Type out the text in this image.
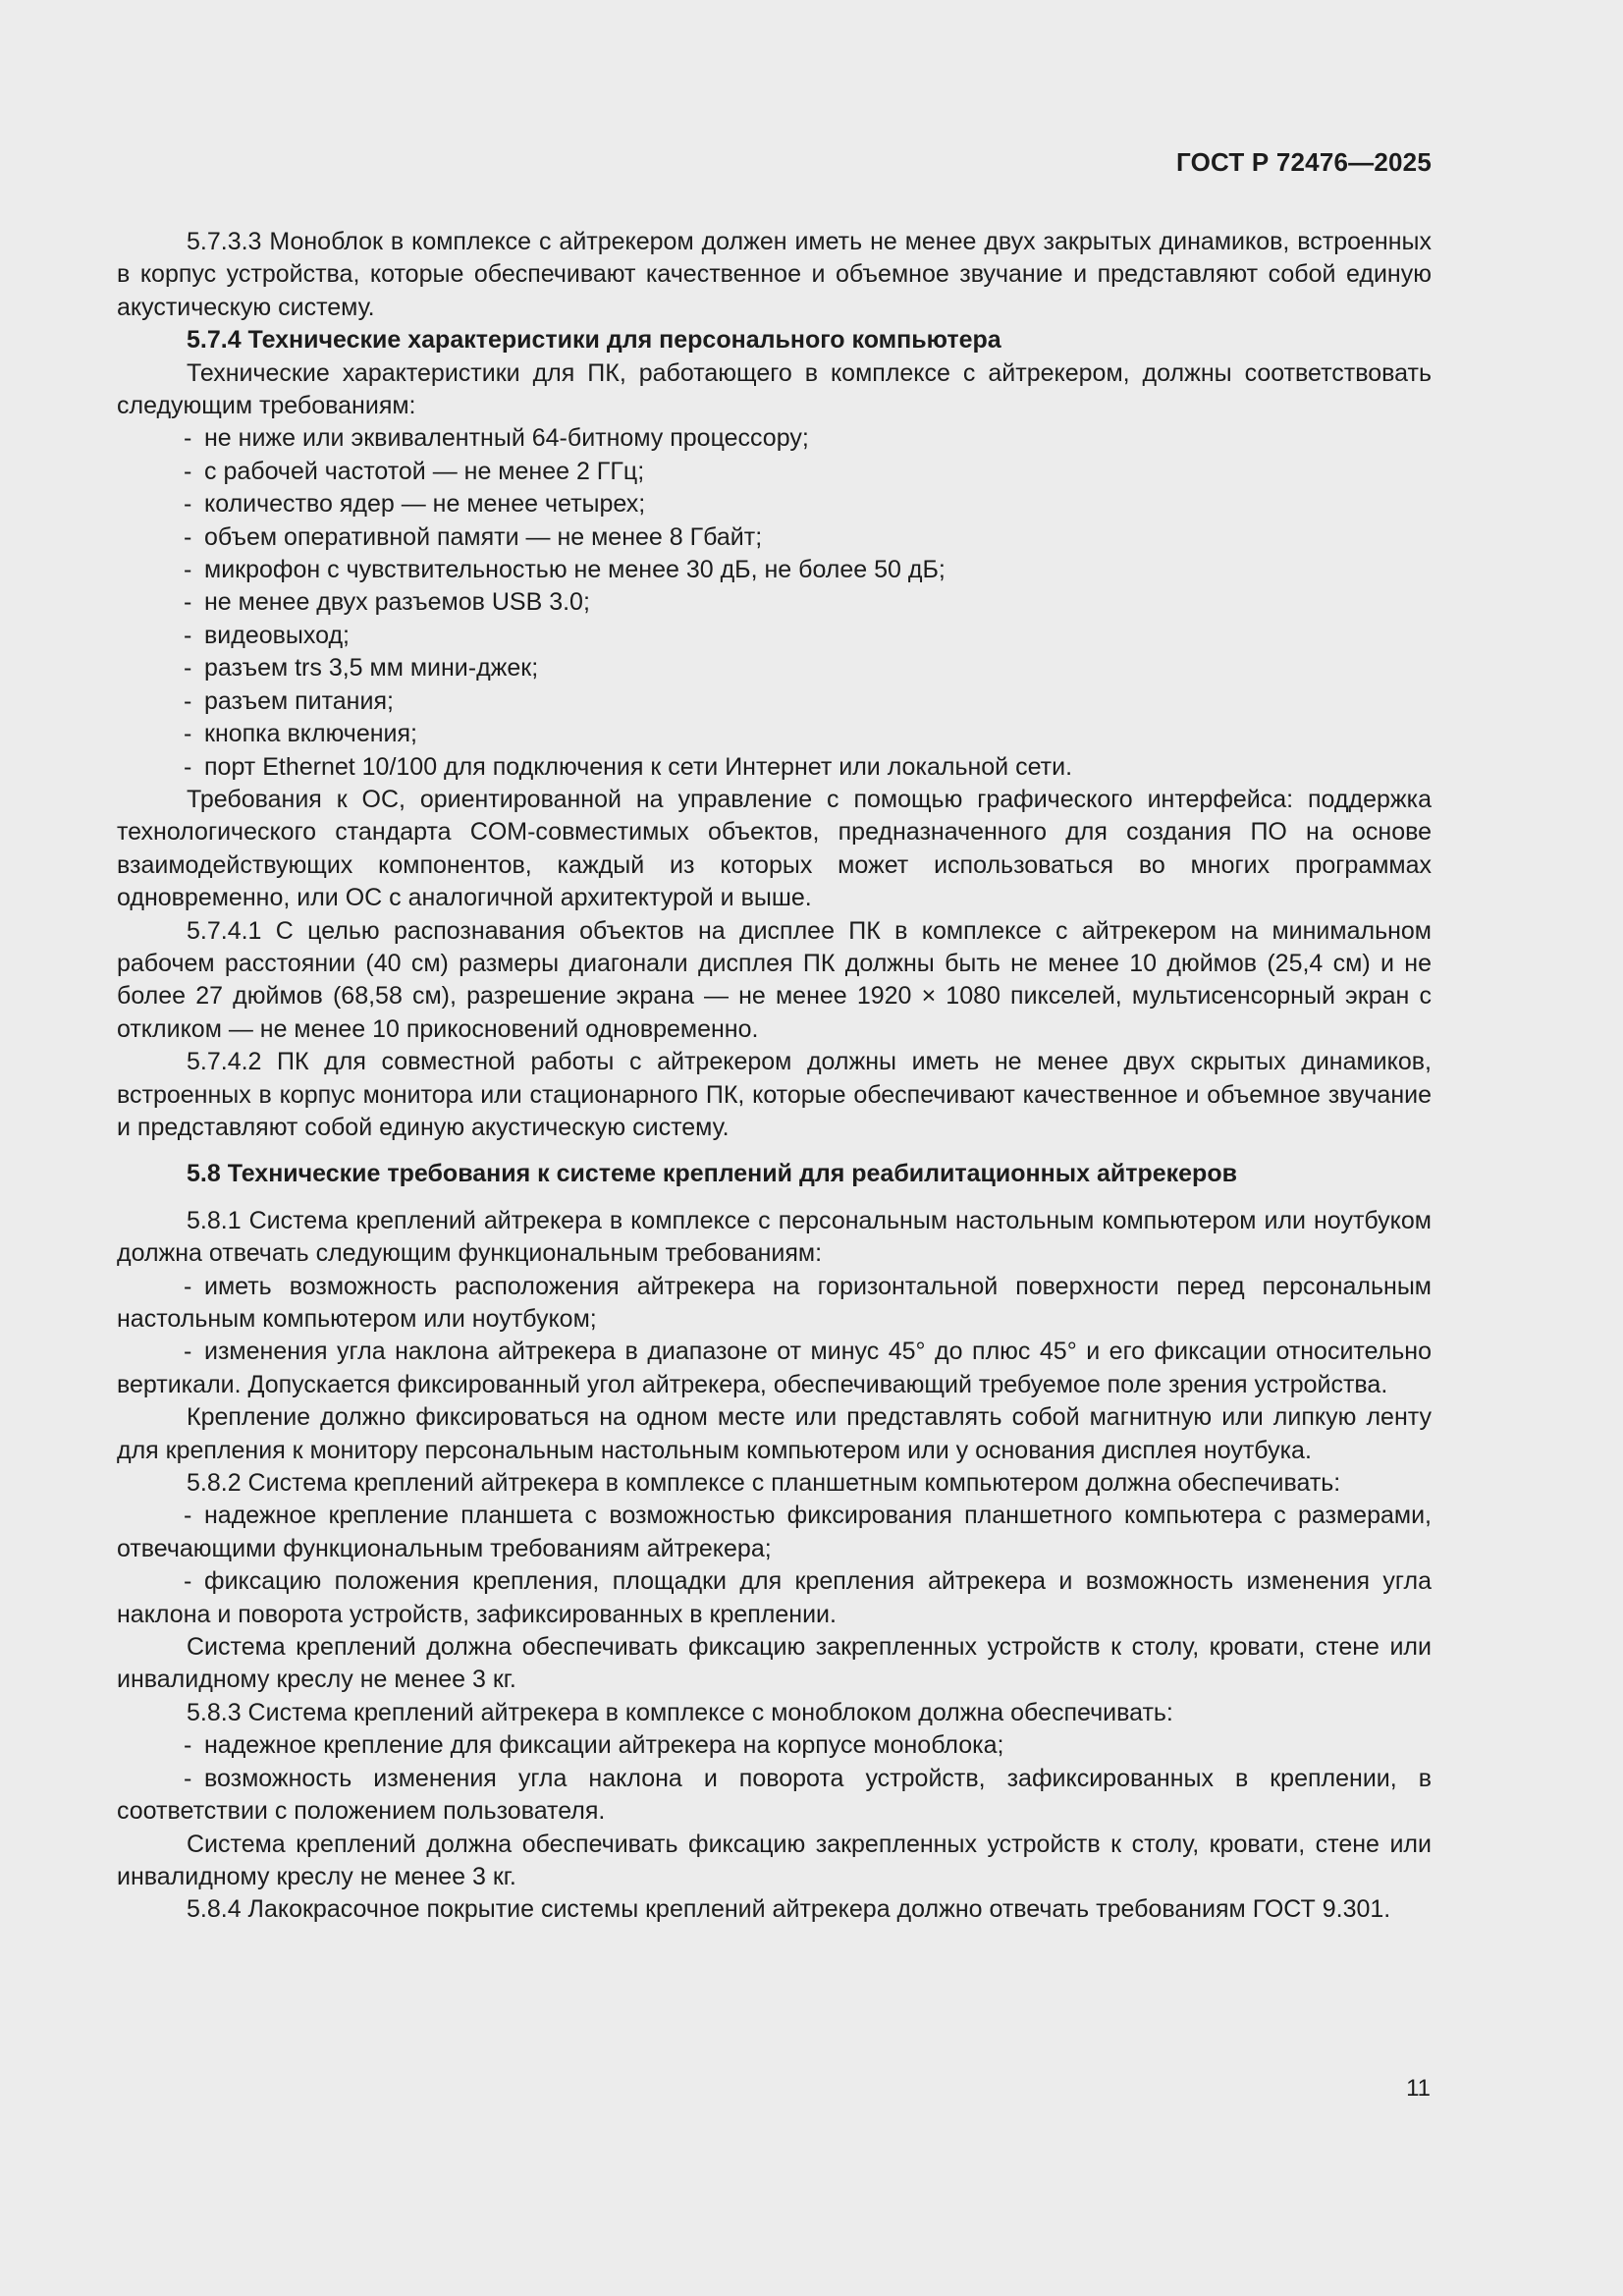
ГОСТ Р 72476—2025

5.7.3.3 Моноблок в комплексе с айтрекером должен иметь не менее двух закрытых динамиков, встроенных в корпус устройства, которые обеспечивают качественное и объемное звучание и представляют собой единую акустическую систему.

5.7.4 Технические характеристики для персонального компьютера

Технические характеристики для ПК, работающего в комплексе с айтрекером, должны соответствовать следующим требованиям:

- не ниже или эквивалентный 64-битному процессору;

- с рабочей частотой — не менее 2 ГГц;

- количество ядер — не менее четырех;

- объем оперативной памяти — не менее 8 Гбайт;

- микрофон с чувствительностью не менее 30 дБ, не более 50 дБ;

- не менее двух разъемов USB 3.0;

- видеовыход;

- разъем trs 3,5 мм мини-джек;

- разъем питания;

- кнопка включения;

- порт Ethernet 10/100 для подключения к сети Интернет или локальной сети.

Требования к ОС, ориентированной на управление с помощью графического интерфейса: поддержка технологического стандарта COM-совместимых объектов, предназначенного для создания ПО на основе взаимодействующих компонентов, каждый из которых может использоваться во многих программах одновременно, или ОС с аналогичной архитектурой и выше.

5.7.4.1 С целью распознавания объектов на дисплее ПК в комплексе с айтрекером на минимальном рабочем расстоянии (40 см) размеры диагонали дисплея ПК должны быть не менее 10 дюймов (25,4 см) и не более 27 дюймов (68,58 см), разрешение экрана — не менее 1920 × 1080 пикселей, мультисенсорный экран с откликом — не менее 10 прикосновений одновременно.

5.7.4.2 ПК для совместной работы с айтрекером должны иметь не менее двух скрытых динамиков, встроенных в корпус монитора или стационарного ПК, которые обеспечивают качественное и объемное звучание и представляют собой единую акустическую систему.

5.8 Технические требования к системе креплений для реабилитационных айтрекеров

5.8.1 Система креплений айтрекера в комплексе с персональным настольным компьютером или ноутбуком должна отвечать следующим функциональным требованиям:

- иметь возможность расположения айтрекера на горизонтальной поверхности перед персональным настольным компьютером или ноутбуком;

- изменения угла наклона айтрекера в диапазоне от минус 45° до плюс 45° и его фиксации относительно вертикали. Допускается фиксированный угол айтрекера, обеспечивающий требуемое поле зрения устройства.

Крепление должно фиксироваться на одном месте или представлять собой магнитную или липкую ленту для крепления к монитору персональным настольным компьютером или у основания дисплея ноутбука.

5.8.2 Система креплений айтрекера в комплексе с планшетным компьютером должна обеспечивать:

- надежное крепление планшета с возможностью фиксирования планшетного компьютера с размерами, отвечающими функциональным требованиям айтрекера;

- фиксацию положения крепления, площадки для крепления айтрекера и возможность изменения угла наклона и поворота устройств, зафиксированных в креплении.

Система креплений должна обеспечивать фиксацию закрепленных устройств к столу, кровати, стене или инвалидному креслу не менее 3 кг.

5.8.3 Система креплений айтрекера в комплексе с моноблоком должна обеспечивать:

- надежное крепление для фиксации айтрекера на корпусе моноблока;

- возможность изменения угла наклона и поворота устройств, зафиксированных в креплении, в соответствии с положением пользователя.

Система креплений должна обеспечивать фиксацию закрепленных устройств к столу, кровати, стене или инвалидному креслу не менее 3 кг.

5.8.4 Лакокрасочное покрытие системы креплений айтрекера должно отвечать требованиям ГОСТ 9.301.

11
